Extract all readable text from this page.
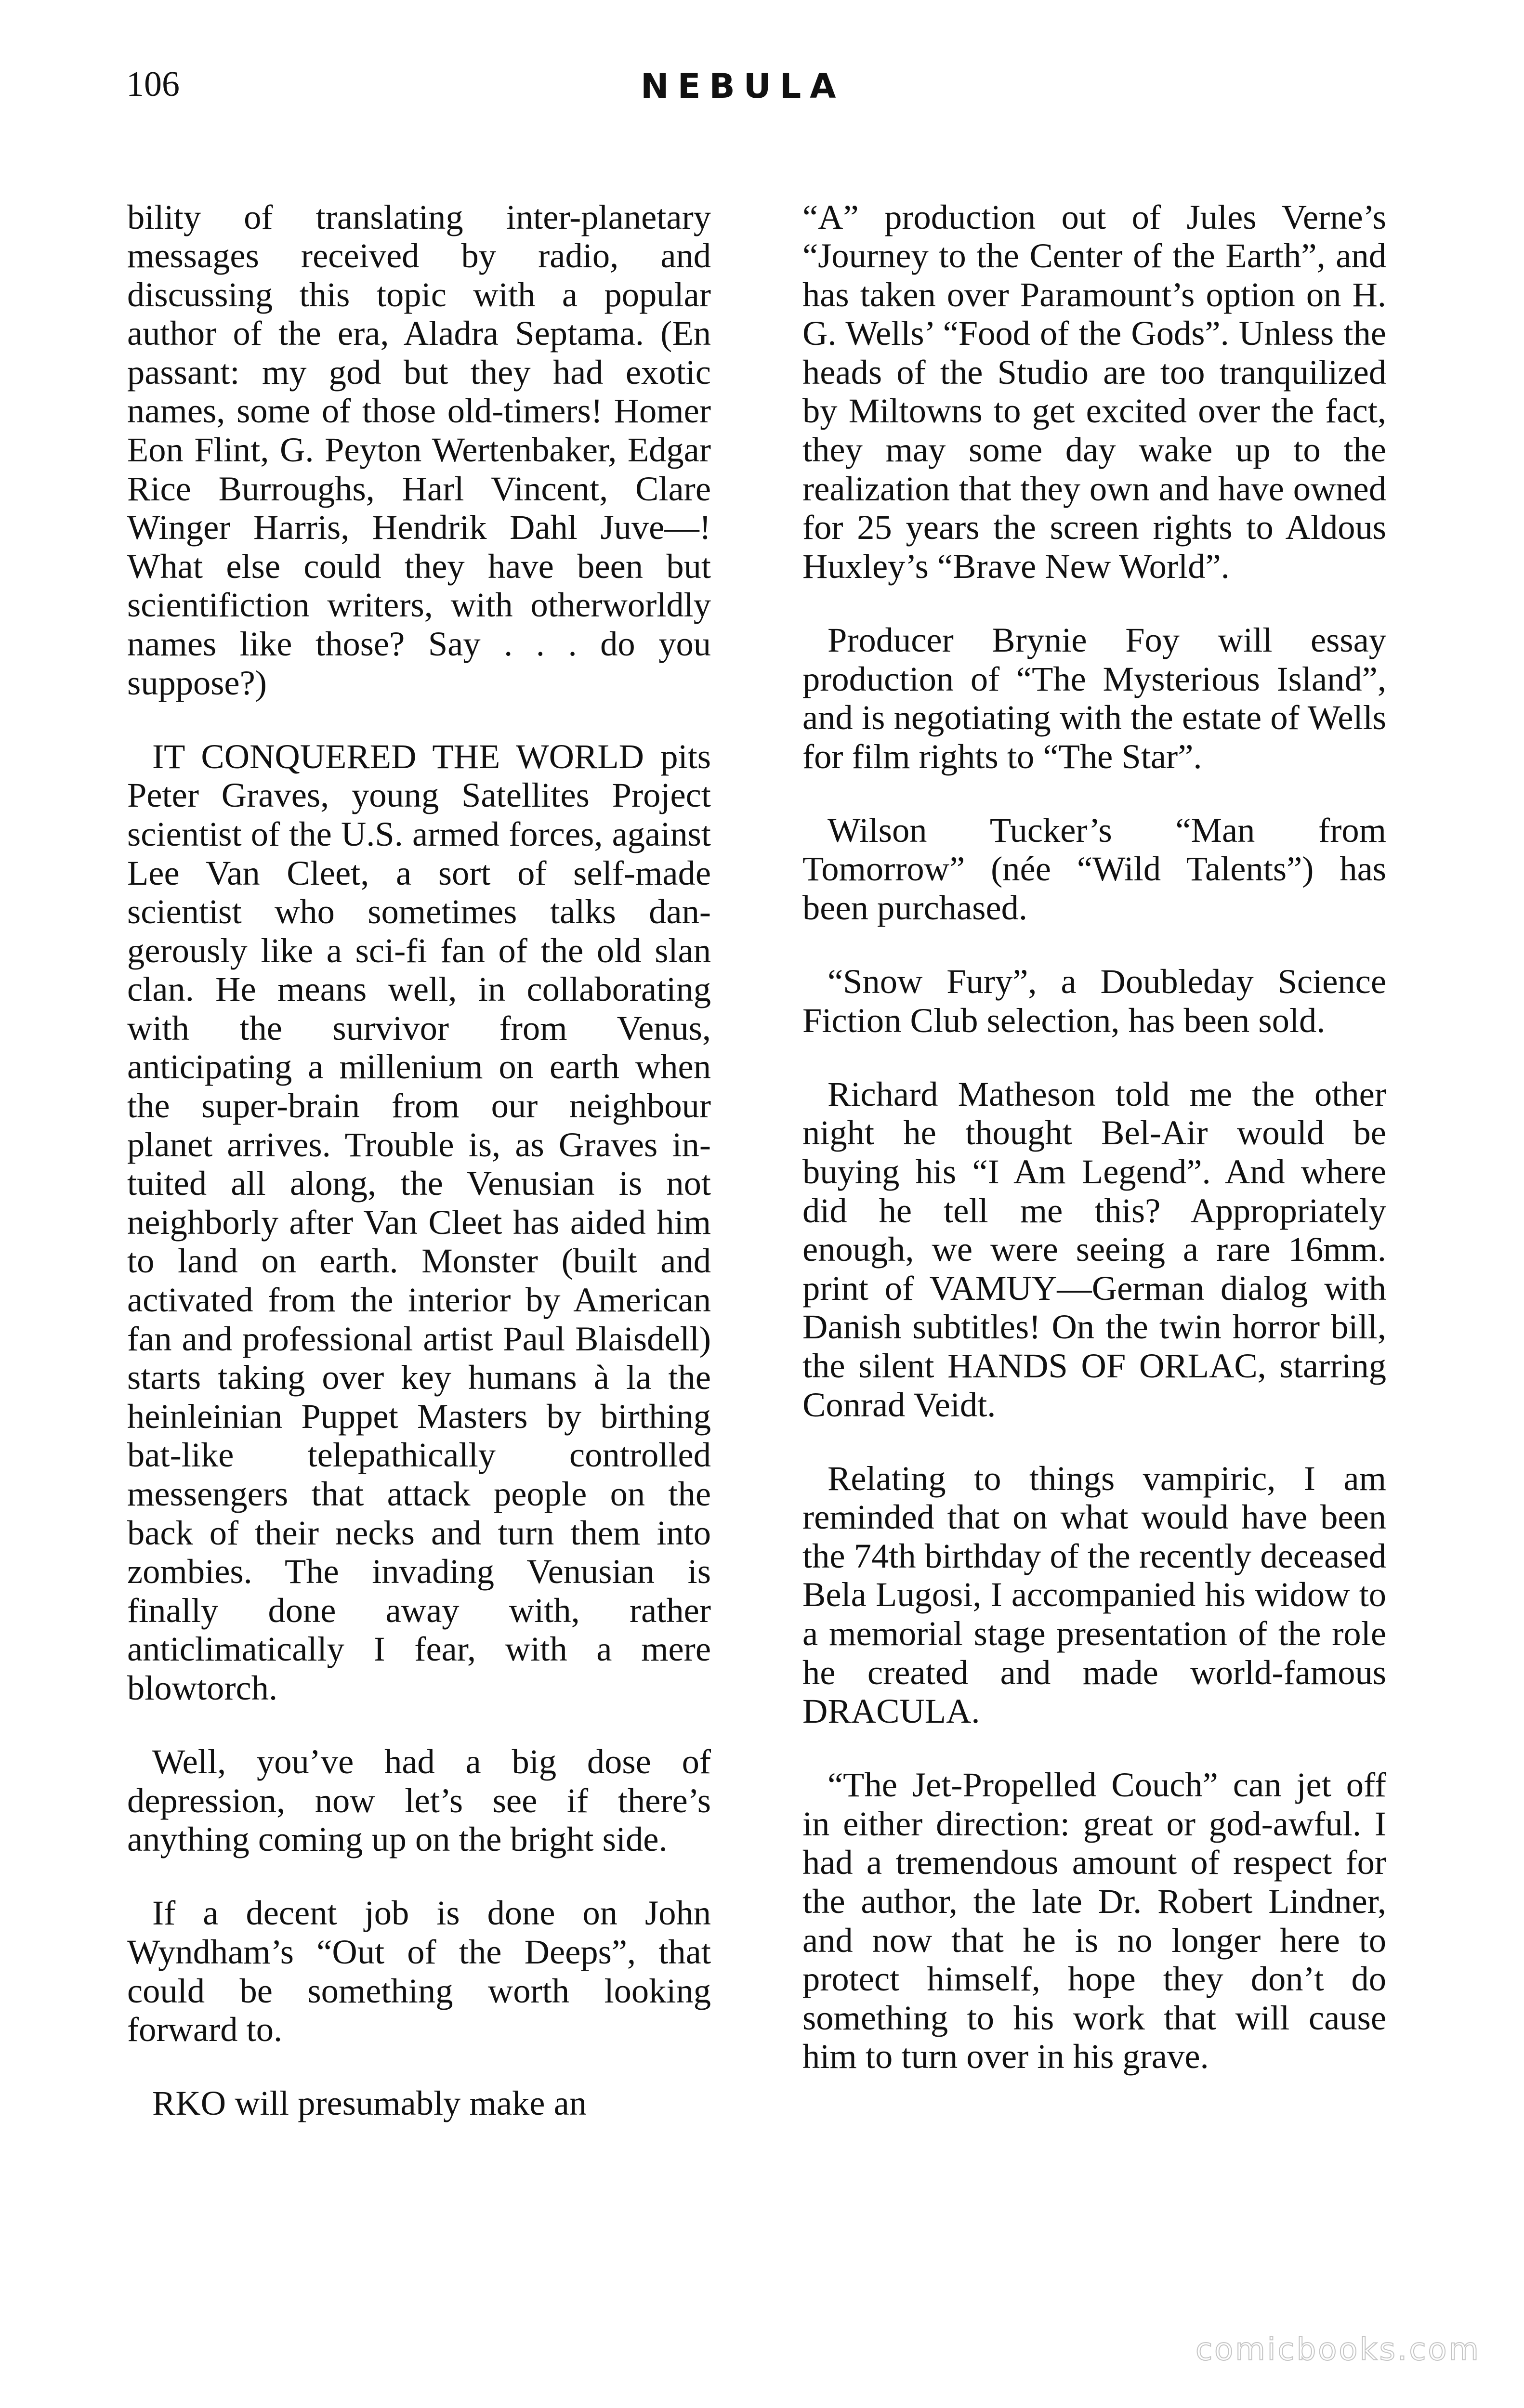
106	NEBULA

bility of translating inter-planetary messages received by radio, and discussing this topic with a popular author of the era, Aladra Septama. (En passant: my god but they had exotic names, some of those old-timers! Homer Eon Flint, G. Peyton Wertenbaker, Edgar Rice Burroughs, Harl Vincent, Clare Winger Harris, Hendrik Dahl Juve—! What else could they have been but scientifiction writers, with otherworldly names like those? Say . . . do you suppose?)

IT CONQUERED THE WORLD pits Peter Graves, young Satellites Project scientist of the U.S. armed forces, against Lee Van Cleet, a sort of self-made scientist who sometimes talks dangerously like a sci-fi fan of the old slan clan. He means well, in collaborating with the survivor from Venus, anticipating a millenium on earth when the super-brain from our neighbour planet arrives. Trouble is, as Graves intuited all along, the Venusian is not neighborly after Van Cleet has aided him to land on earth. Monster (built and activated from the interior by American fan and professional artist Paul Blaisdell) starts taking over key humans à la the heinleinian Puppet Masters by birthing bat-like telepathically controlled messengers that attack people on the back of their necks and turn them into zombies. The invading Venusian is finally done away with, rather anticlimatically I fear, with a mere blowtorch.

Well, you’ve had a big dose of depression, now let’s see if there’s anything coming up on the bright side.

If a decent job is done on John Wyndham’s “Out of the Deeps”, that could be something worth looking forward to.

RKO will presumably make an

“A” production out of Jules Verne’s “Journey to the Center of the Earth”, and has taken over Paramount’s option on H. G. Wells’ “Food of the Gods”. Unless the heads of the Studio are too tranquilized by Miltowns to get excited over the fact, they may some day wake up to the realization that they own and have owned for 25 years the screen rights to Aldous Huxley’s “Brave New World”.

Producer Brynie Foy will essay production of “The Mysterious Island”, and is negotiating with the estate of Wells for film rights to “The Star”.

Wilson Tucker’s “Man from Tomorrow” (née “Wild Talents”) has been purchased.

“Snow Fury”, a Doubleday Science Fiction Club selection, has been sold.

Richard Matheson told me the other night he thought Bel-Air would be buying his “I Am Legend”. And where did he tell me this? Appropriately enough, we were seeing a rare 16mm. print of VAMUY—German dialog with Danish subtitles! On the twin horror bill, the silent HANDS OF ORLAC, starring Conrad Veidt.

Relating to things vampiric, I am reminded that on what would have been the 74th birthday of the recently deceased Bela Lugosi, I accompanied his widow to a memorial stage presentation of the role he created and made world-famous DRACULA.

“The Jet-Propelled Couch” can jet off in either direction: great or god-awful. I had a tremendous amount of respect for the author, the late Dr. Robert Lindner, and now that he is no longer here to protect himself, hope they don’t do something to his work that will cause him to turn over in his grave.

comicbooks.com
